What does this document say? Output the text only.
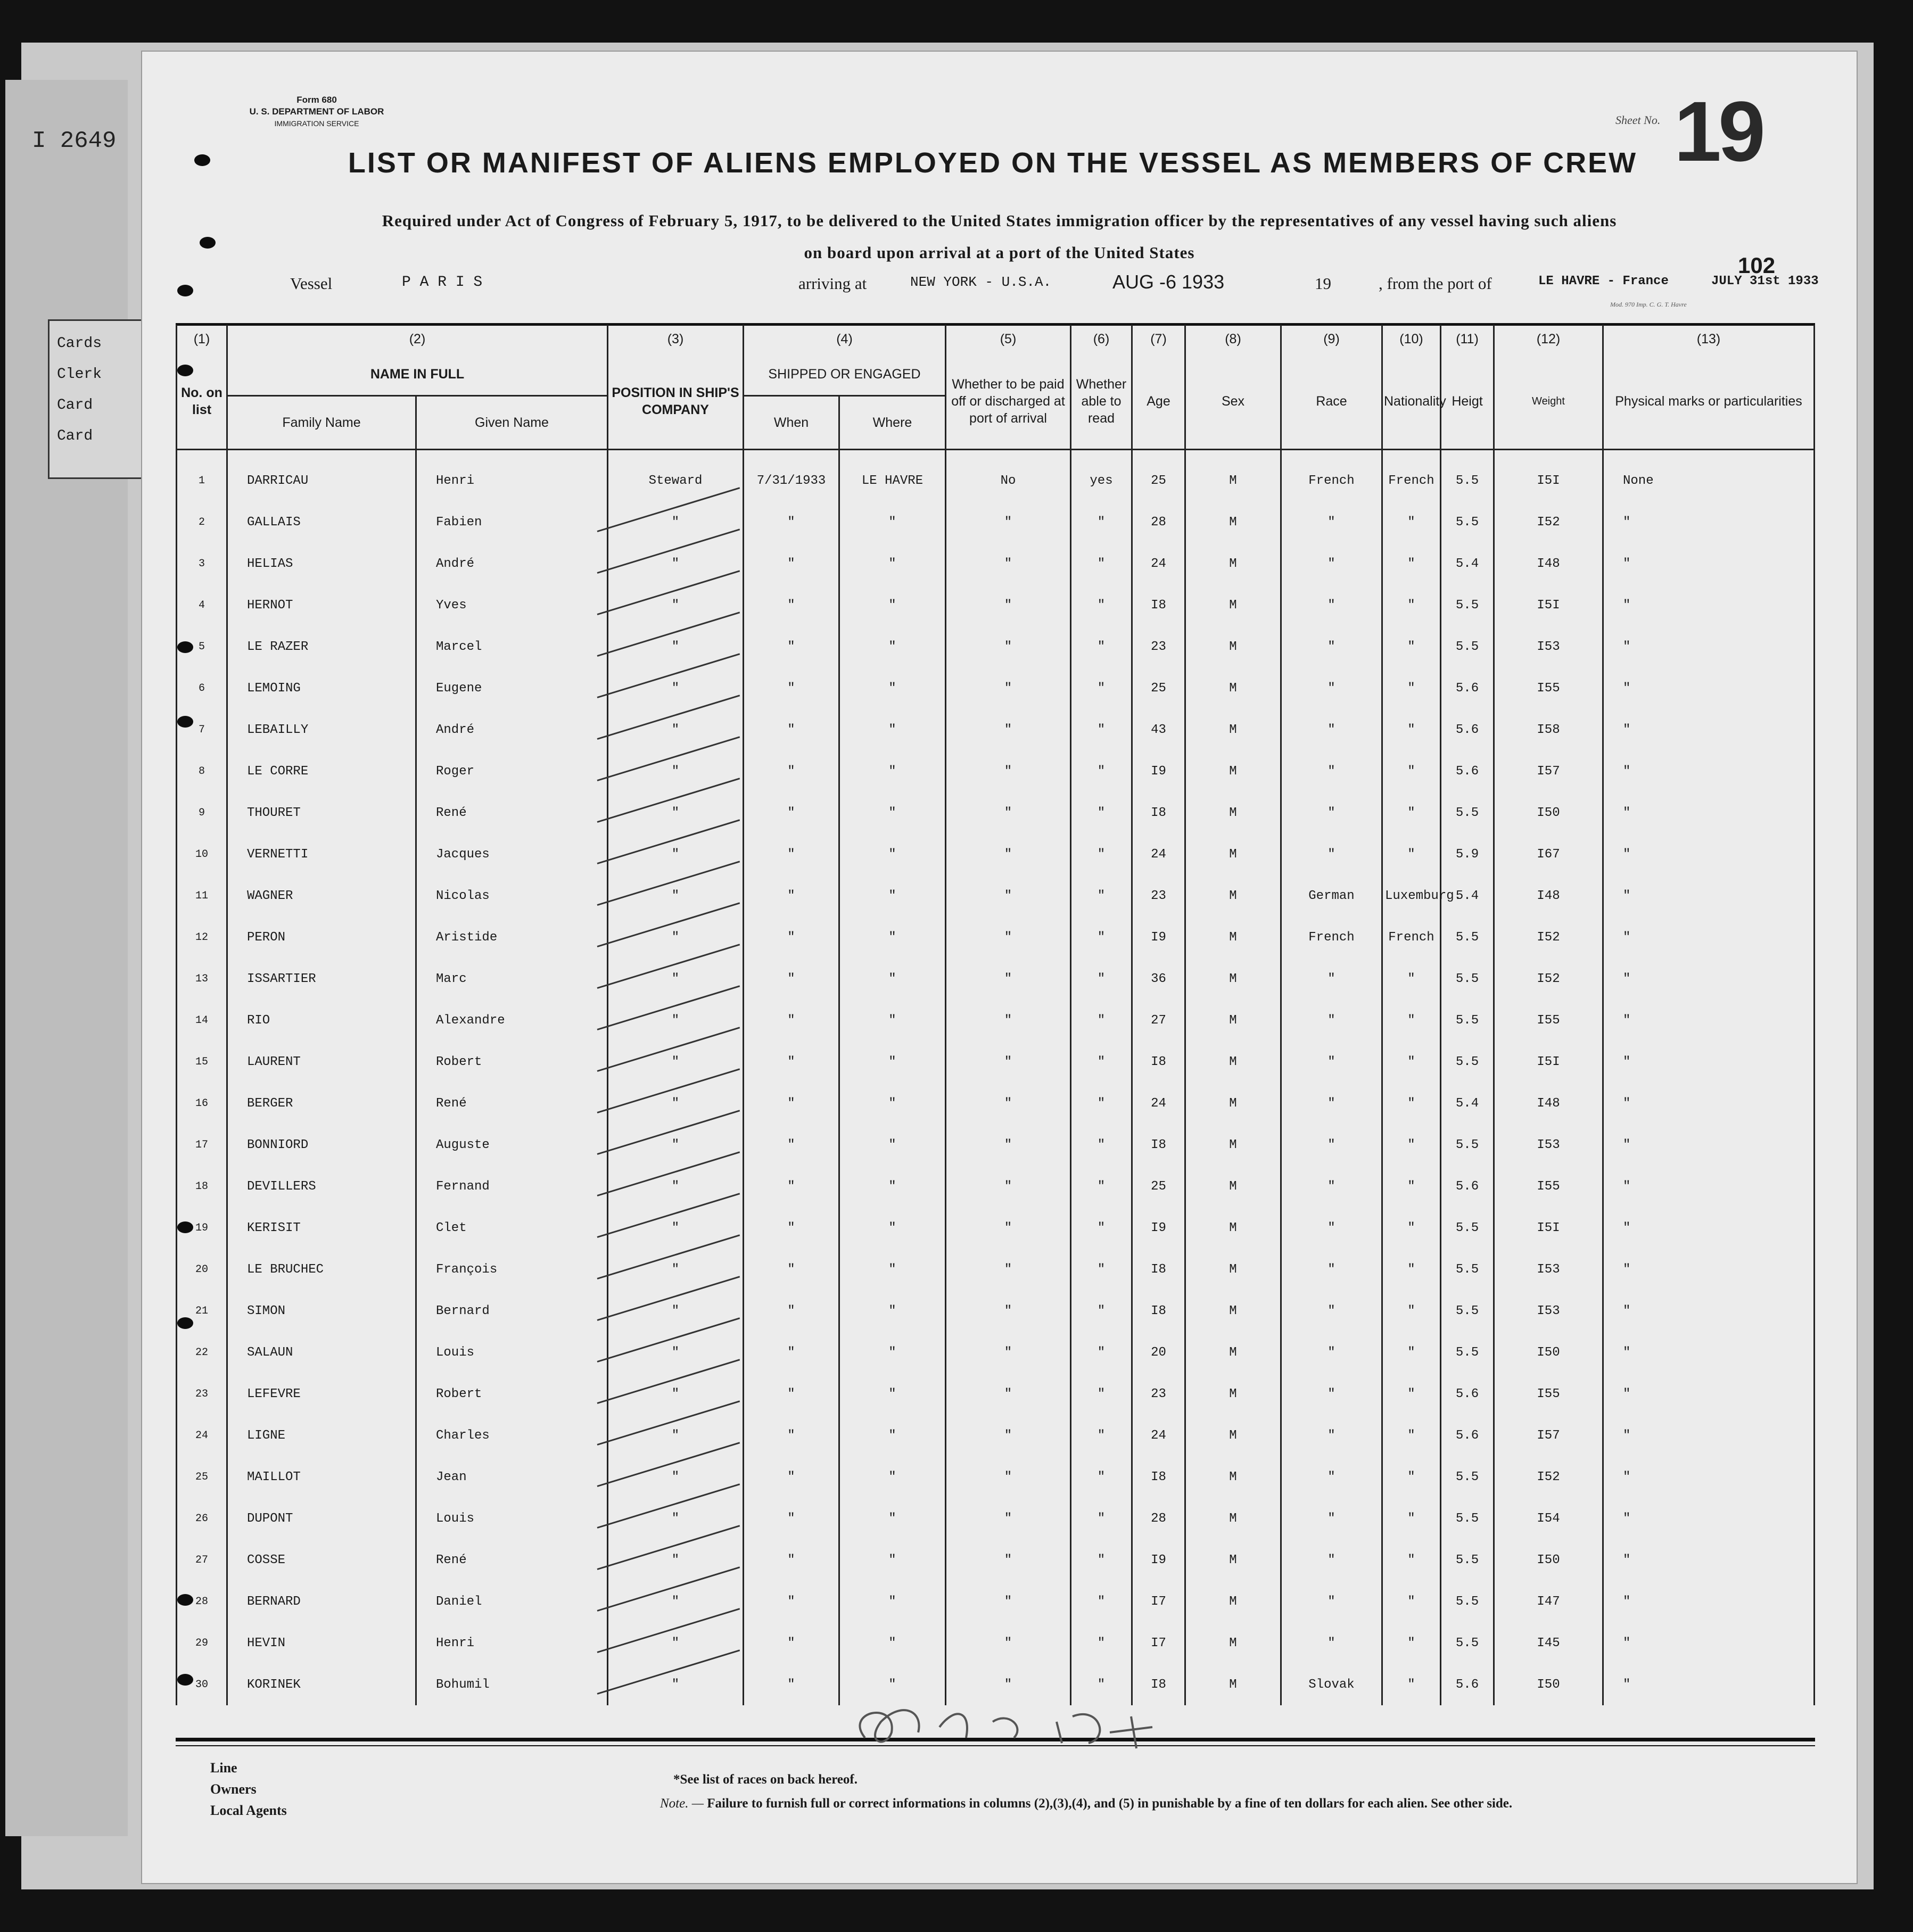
I 2649
Cards
Clerk
Card
Card
Form 680
U. S. DEPARTMENT OF LABOR
IMMIGRATION SERVICE	Sheet No. 19
LIST OR MANIFEST OF ALIENS EMPLOYED ON THE VESSEL AS MEMBERS OF CREW
Required under Act of Congress of February 5, 1917, to be delivered to the United States immigration officer by the representatives of any vessel having such aliens
on board upon arrival at a port of the United States
102
Vessel	P A R I S	arriving at	NEW YORK - U.S.A.	AUG -6 1933	19	, from the port of	LE HAVRE - France	JULY 31st 1933
Mod. 970 Imp. C. G. T. Havre
(1)	(2)		(3)	(4)		(5)	(6)	(7)	(8)	(9)	(10)	(11)	(12)	(13)
No. on list	NAME IN FULL		POSITION IN SHIP'S COMPANY	SHIPPED OR ENGAGED		Whether to be paid off or discharged at port of arrival	Whether able to read	Age	Sex	Race	Nationality	Heigt	Weight	Physical marks or particularities
	Family Name	Given Name		When	Where									
1	DARRICAU	Henri	Steward	7/31/1933	LE HAVRE	No	yes	25	M	French	French	5.5	I5I	None
2	GALLAIS	Fabien	"	"	"	"	"	28	M	"	"	5.5	I52	"
3	HELIAS	André	"	"	"	"	"	24	M	"	"	5.4	I48	"
4	HERNOT	Yves	"	"	"	"	"	I8	M	"	"	5.5	I5I	"
5	LE RAZER	Marcel	"	"	"	"	"	23	M	"	"	5.5	I53	"
6	LEMOING	Eugene	"	"	"	"	"	25	M	"	"	5.6	I55	"
7	LEBAILLY	André	"	"	"	"	"	43	M	"	"	5.6	I58	"
8	LE CORRE	Roger	"	"	"	"	"	I9	M	"	"	5.6	I57	"
9	THOURET	René	"	"	"	"	"	I8	M	"	"	5.5	I50	"
10	VERNETTI	Jacques	"	"	"	"	"	24	M	"	"	5.9	I67	"
11	WAGNER	Nicolas	"	"	"	"	"	23	M	German	Luxemburg.	5.4	I48	"
12	PERON	Aristide	"	"	"	"	"	I9	M	French	French	5.5	I52	"
13	ISSARTIER	Marc	"	"	"	"	"	36	M	"	"	5.5	I52	"
14	RIO	Alexandre	"	"	"	"	"	27	M	"	"	5.5	I55	"
15	LAURENT	Robert	"	"	"	"	"	I8	M	"	"	5.5	I5I	"
16	BERGER	René	"	"	"	"	"	24	M	"	"	5.4	I48	"
17	BONNIORD	Auguste	"	"	"	"	"	I8	M	"	"	5.5	I53	"
18	DEVILLERS	Fernand	"	"	"	"	"	25	M	"	"	5.6	I55	"
19	KERISIT	Clet	"	"	"	"	"	I9	M	"	"	5.5	I5I	"
20	LE BRUCHEC	François	"	"	"	"	"	I8	M	"	"	5.5	I53	"
21	SIMON	Bernard	"	"	"	"	"	I8	M	"	"	5.5	I53	"
22	SALAUN	Louis	"	"	"	"	"	20	M	"	"	5.5	I50	"
23	LEFEVRE	Robert	"	"	"	"	"	23	M	"	"	5.6	I55	"
24	LIGNE	Charles	"	"	"	"	"	24	M	"	"	5.6	I57	"
25	MAILLOT	Jean	"	"	"	"	"	I8	M	"	"	5.5	I52	"
26	DUPONT	Louis	"	"	"	"	"	28	M	"	"	5.5	I54	"
27	COSSE	René	"	"	"	"	"	I9	M	"	"	5.5	I50	"
28	BERNARD	Daniel	"	"	"	"	"	I7	M	"	"	5.5	I47	"
29	HEVIN	Henri	"	"	"	"	"	I7	M	"	"	5.5	I45	"
30	KORINEK	Bohumil	"	"	"	"	"	I8	M	Slovak	"	5.6	I50	"
Line
Owners
Local Agents
*See list of races on back hereof.
Note. — Failure to furnish full or correct informations in columns (2),(3),(4), and (5) in punishable by a fine of ten dollars for each alien. See other side.
